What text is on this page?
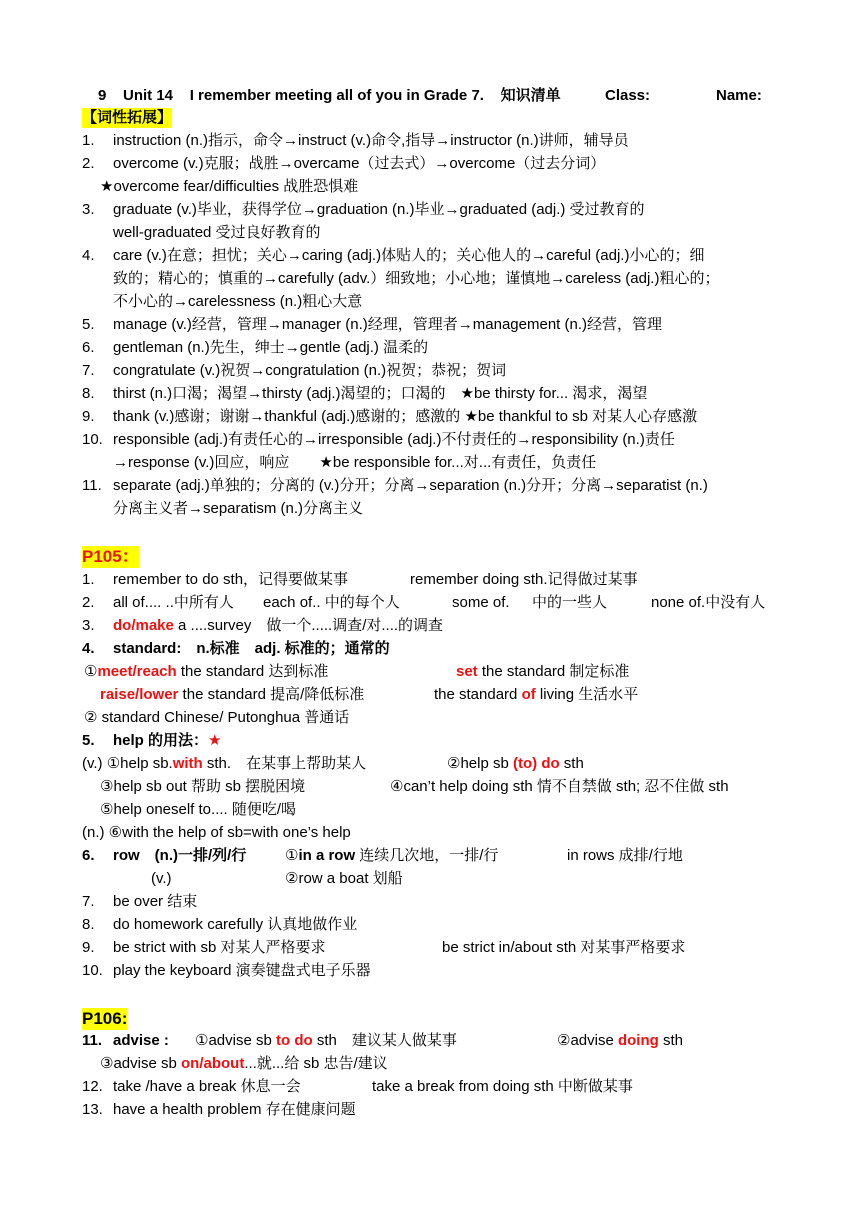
9 Unit 14 I remember meeting all of you in Grade 7. 知识清单	Class:	Name:
【词性拓展】
1. instruction (n.)指示，命令→instruct (v.)命令,指导→instructor (n.)讲师，辅导员
2. overcome (v.)克服；战胜→overcame（过去式）→overcome（过去分词）
★overcome fear/difficulties 战胜恐惧难
3. graduate (v.)毕业，获得学位→graduation (n.)毕业→graduated (adj.) 受过教育的
well-graduated 受过良好教育的
4. care (v.)在意；担忧；关心→caring (adj.)体贴人的；关心他人的→careful (adj.)小心的；细
致的；精心的；慎重的→carefully (adv.）细致地；小心地；谨慎地→careless (adj.)粗心的；
不小心的→carelessness (n.)粗心大意
5. manage (v.)经营，管理→manager (n.)经理，管理者→management (n.)经营，管理
6. gentleman (n.)先生，绅士→gentle (adj.) 温柔的
7. congratulate (v.)祝贺→congratulation (n.)祝贺；恭祝；贺词
8. thirst (n.)口渴；渴望→thirsty (adj.)渴望的；口渴的　★be thirsty for... 渴求，渴望
9. thank (v.)感谢；谢谢→thankful (adj.)感谢的；感激的 ★be thankful to sb 对某人心存感激
10. responsible (adj.)有责任心的→irresponsible (adj.)不付责任的→responsibility (n.)责任
→response (v.)回应，响应　　★be responsible for...对...有责任，负责任
11. separate (adj.)单独的；分离的 (v.)分开；分离→separation (n.)分开；分离→separatist (n.)
分离主义者→separatism (n.)分离主义
P105：
1. remember to do sth，记得要做某事	remember doing sth.记得做过某事
2. all of.... ..中所有人 each of.. 中的每个人	some of. 中的一些人	none of.中没有人
3. do/make a ....survey　做一个.....调查/对....的调查
4. standard:　n.标准　adj. 标准的；通常的
①meet/reach the standard 达到标准	set the standard 制定标准
raise/lower the standard 提高/降低标准	the standard of living 生活水平
② standard Chinese/ Putonghua 普通话
5. help 的用法：★
(v.) ①help sb.with sth.　在某事上帮助某人	②help sb (to) do sth
③help sb out 帮助 sb 摆脱困境	④can’t help doing sth 情不自禁做 sth; 忍不住做 sth
⑤help oneself to.... 随便吃/喝
(n.) ⑥with the help of sb=with one’s help
6. row　(n.)一排/列/行	①in a row 连续几次地，一排/行	in rows 成排/行地
(v.)	②row a boat 划船
7. be over 结束
8. do homework carefully 认真地做作业
9. be strict with sb 对某人严格要求	be strict in/about sth 对某事严格要求
10. play the keyboard 演奏键盘式电子乐器
P106:
11. advise : ①advise sb to do sth　建议某人做某事	②advise doing sth
③advise sb on/about...就...给 sb 忠告/建议
12. take /have a break 休息一会	take a break from doing sth 中断做某事
13. have a health problem 存在健康问题
